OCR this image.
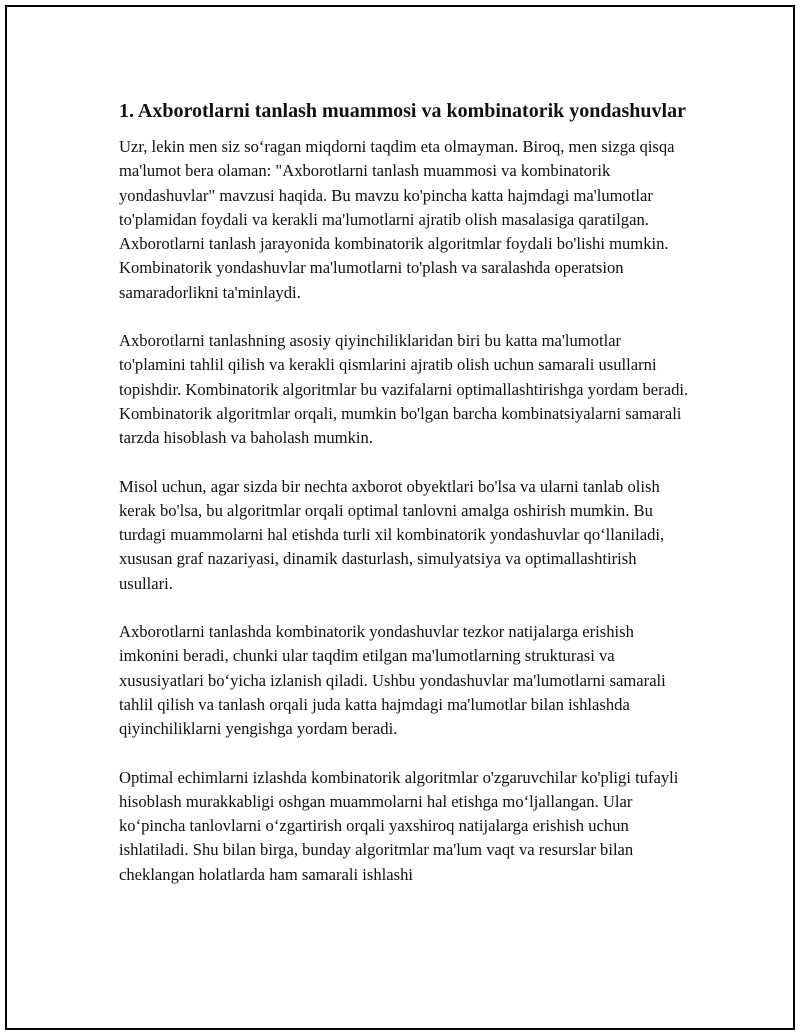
1. Axborotlarni tanlash muammosi va kombinatorik yondashuvlar

Uzr, lekin men siz so‘ragan miqdorni taqdim eta olmayman. Biroq, men sizga qisqa ma'lumot bera olaman: "Axborotlarni tanlash muammosi va kombinatorik yondashuvlar" mavzusi haqida. Bu mavzu ko'pincha katta hajmdagi ma'lumotlar to'plamidan foydali va kerakli ma'lumotlarni ajratib olish masalasiga qaratilgan. Axborotlarni tanlash jarayonida kombinatorik algoritmlar foydali bo'lishi mumkin. Kombinatorik yondashuvlar ma'lumotlarni to'plash va saralashda operatsion samaradorlikni ta'minlaydi.

Axborotlarni tanlashning asosiy qiyinchiliklaridan biri bu katta ma'lumotlar to'plamini tahlil qilish va kerakli qismlarini ajratib olish uchun samarali usullarni topishdir. Kombinatorik algoritmlar bu vazifalarni optimallashtirishga yordam beradi. Kombinatorik algoritmlar orqali, mumkin bo'lgan barcha kombinatsiyalarni samarali tarzda hisoblash va baholash mumkin.

Misol uchun, agar sizda bir nechta axborot obyektlari bo'lsa va ularni tanlab olish kerak bo'lsa, bu algoritmlar orqali optimal tanlovni amalga oshirish mumkin. Bu turdagi muammolarni hal etishda turli xil kombinatorik yondashuvlar qo‘llaniladi, xususan graf nazariyasi, dinamik dasturlash, simulyatsiya va optimallashtirish usullari.

Axborotlarni tanlashda kombinatorik yondashuvlar tezkor natijalarga erishish imkonini beradi, chunki ular taqdim etilgan ma'lumotlarning strukturasi va xususiyatlari bo‘yicha izlanish qiladi. Ushbu yondashuvlar ma'lumotlarni samarali tahlil qilish va tanlash orqali juda katta hajmdagi ma'lumotlar bilan ishlashda qiyinchiliklarni yengishga yordam beradi.

Optimal echimlarni izlashda kombinatorik algoritmlar o'zgaruvchilar ko'pligi tufayli hisoblash murakkabligi oshgan muammolarni hal etishga mo‘ljallangan. Ular ko‘pincha tanlovlarni o‘zgartirish orqali yaxshiroq natijalarga erishish uchun ishlatiladi. Shu bilan birga, bunday algoritmlar ma'lum vaqt va resurslar bilan cheklangan holatlarda ham samarali ishlashi
